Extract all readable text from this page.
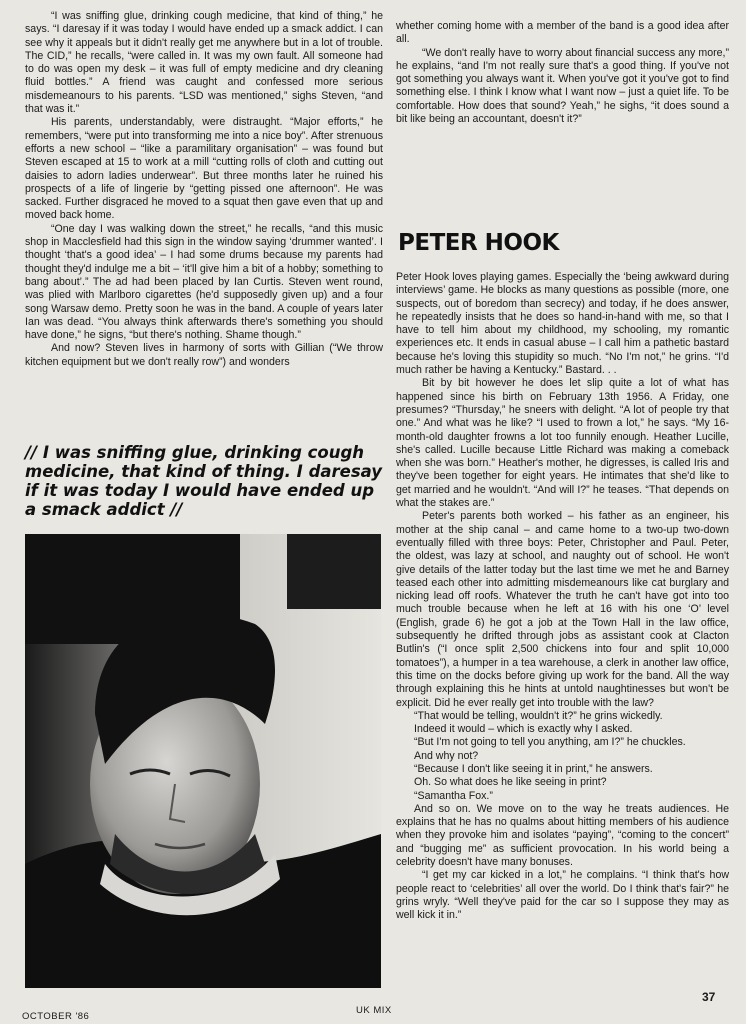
“I was sniffing glue, drinking cough medicine, that kind of thing,” he says. “I daresay if it was today I would have ended up a smack addict. I can see why it appeals but it didn't really get me anywhere but in a lot of trouble. The CID,” he recalls, “were called in. It was my own fault. All someone had to do was open my desk – it was full of empty medicine and dry cleaning fluid bottles.” A friend was caught and confessed more serious misdemeanours to his parents. “LSD was mentioned,” sighs Steven, “and that was it.”

His parents, understandably, were distraught. “Major efforts,” he remembers, “were put into transforming me into a nice boy”. After strenuous efforts a new school – “like a paramilitary organisation” – was found but Steven escaped at 15 to work at a mill “cutting rolls of cloth and cutting out daisies to adorn ladies underwear”. But three months later he ruined his prospects of a life of lingerie by “getting pissed one afternoon”. He was sacked. Further disgraced he moved to a squat then gave even that up and moved back home.

“One day I was walking down the street,” he recalls, “and this music shop in Macclesfield had this sign in the window saying ‘drummer wanted’. I thought ‘that's a good idea’ – I had some drums because my parents had thought they'd indulge me a bit – ‘it'll give him a bit of a hobby; something to bang about’.” The ad had been placed by Ian Curtis. Steven went round, was plied with Marlboro cigarettes (he'd supposedly given up) and a four song Warsaw demo. Pretty soon he was in the band. A couple of years later Ian was dead. “You always think afterwards there's something you should have done,” he signs, “but there's nothing. Shame though.”

And now? Steven lives in harmony of sorts with Gillian (“We throw kitchen equipment but we don't really row”) and wonders

// I was sniffing glue, drinking cough medicine, that kind of thing. I daresay if it was today I would have ended up a smack addict //

whether coming home with a member of the band is a good idea after all.

“We don't really have to worry about financial success any more,” he explains, “and I'm not really sure that's a good thing. If you've not got something you always want it. When you've got it you've got to find something else. I think I know what I want now – just a quiet life. To be comfortable. How does that sound? Yeah,” he sighs, “it does sound a bit like being an accountant, doesn't it?”

PETER HOOK

Peter Hook loves playing games. Especially the ‘being awkward during interviews’ game. He blocks as many questions as possible (more, one suspects, out of boredom than secrecy) and today, if he does answer, he repeatedly insists that he does so hand-in-hand with me, so that I have to tell him about my childhood, my schooling, my romantic experiences etc. It ends in casual abuse – I call him a pathetic bastard because he's loving this stupidity so much. “No I'm not,” he grins. “I'd much rather be having a Kentucky.” Bastard. . .

Bit by bit however he does let slip quite a lot of what has happened since his birth on February 13th 1956. A Friday, one presumes? “Thursday,” he sneers with delight. “A lot of people try that one.” And what was he like? “I used to frown a lot,” he says. “My 16-month-old daughter frowns a lot too funnily enough. Heather Lucille, she's called. Lucille because Little Richard was making a comeback when she was born.” Heather's mother, he digresses, is called Iris and they've been together for eight years. He intimates that she'd like to get married and he wouldn't. “And will I?” he teases. “That depends on what the stakes are.”

Peter's parents both worked – his father as an engineer, his mother at the ship canal – and came home to a two-up two-down eventually filled with three boys: Peter, Christopher and Paul. Peter, the oldest, was lazy at school, and naughty out of school. He won't give details of the latter today but the last time we met he and Barney teased each other into admitting misdemeanours like cat burglary and nicking lead off roofs. Whatever the truth he can't have got into too much trouble because when he left at 16 with his one ‘O’ level (English, grade 6) he got a job at the Town Hall in the law office, subsequently he drifted through jobs as assistant cook at Clacton Butlin's (“I once split 2,500 chickens into four and split 10,000 tomatoes”), a humper in a tea warehouse, a clerk in another law office, this time on the docks before giving up work for the band. All the way through explaining this he hints at untold naughtinesses but won't be explicit. Did he ever really get into trouble with the law?

“That would be telling, wouldn't it?” he grins wickedly.

Indeed it would – which is exactly why I asked.

“But I'm not going to tell you anything, am I?” he chuckles.

And why not?

“Because I don't like seeing it in print,” he answers.

Oh. So what does he like seeing in print?

“Samantha Fox.”

And so on. We move on to the way he treats audiences. He explains that he has no qualms about hitting members of his audience when they provoke him and isolates “paying”, “coming to the concert” and “bugging me” as sufficient provocation. In his world being a celebrity doesn't have many bonuses.

“I get my car kicked in a lot,” he complains. “I think that's how people react to ‘celebrities’ all over the world. Do I think that's fair?” he grins wryly. “Well they've paid for the car so I suppose they may as well kick it in.”

OCTOBER '86
UK MIX
37
